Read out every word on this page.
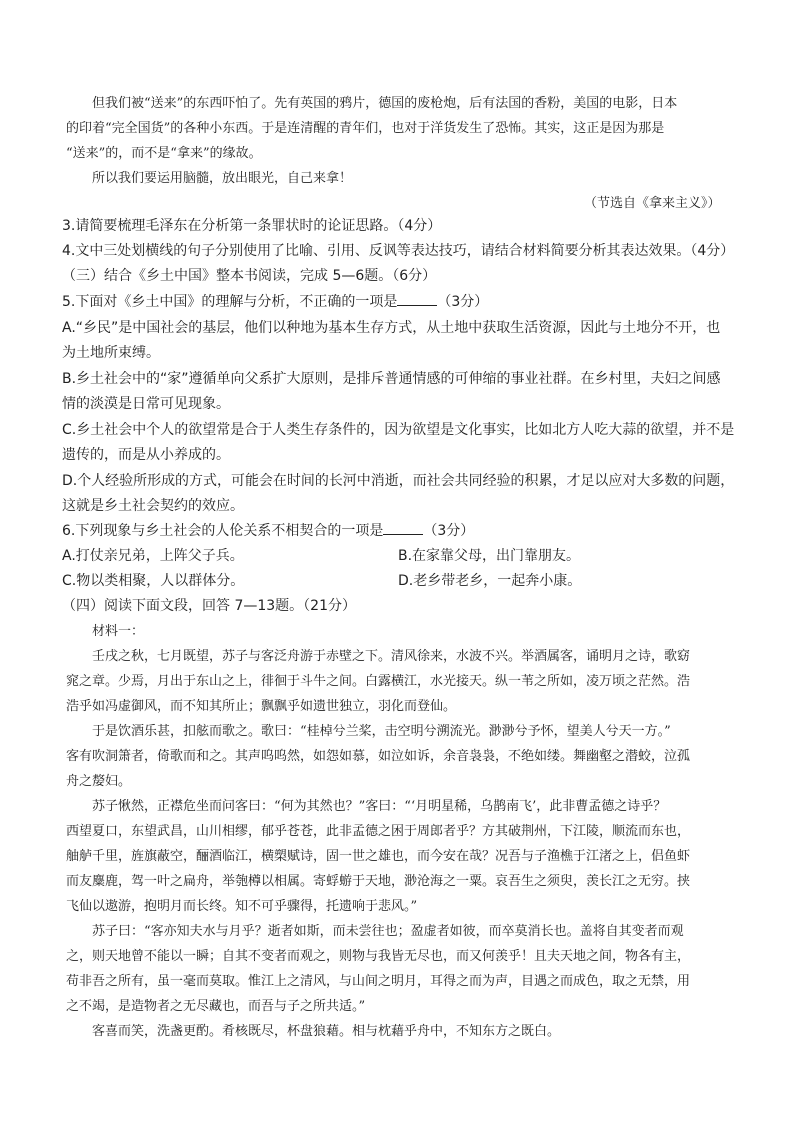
但我们被“送来”的东西吓怕了。先有英国的鸦片，德国的废枪炮，后有法国的香粉，美国的电影，日本
的印着“完全国货”的各种小东西。于是连清醒的青年们，也对于洋货发生了恐怖。其实，这正是因为那是
“送来”的，而不是“拿来”的缘故。
所以我们要运用脑髓，放出眼光，自己来拿！
（节选自《拿来主义》）
3.请简要梳理毛泽东在分析第一条罪状时的论证思路。（4分）
4.文中三处划横线的句子分别使用了比喻、引用、反讽等表达技巧，请结合材料简要分析其表达效果。（4分）
（三）结合《乡土中国》整本书阅读，完成 5—6题。（6分）
5.下面对《乡土中国》的理解与分析，不正确的一项是	（3分）
A.“乡民”是中国社会的基层，他们以种地为基本生存方式，从土地中获取生活资源，因此与土地分不开，也
为土地所束缚。
B.乡土社会中的“家”遵循单向父系扩大原则，是排斥普通情感的可伸缩的事业社群。在乡村里，夫妇之间感
情的淡漠是日常可见现象。
C.乡土社会中个人的欲望常是合于人类生存条件的，因为欲望是文化事实，比如北方人吃大蒜的欲望，并不是
遗传的，而是从小养成的。
D.个人经验所形成的方式，可能会在时间的长河中消逝，而社会共同经验的积累，才足以应对大多数的问题，
这就是乡土社会契约的效应。
6.下列现象与乡土社会的人伦关系不相契合的一项是	（3分）
A.打仗亲兄弟，上阵父子兵。	B.在家靠父母，出门靠朋友。
C.物以类相聚，人以群体分。	D.老乡带老乡，一起奔小康。
（四）阅读下面文段，回答 7—13题。（21分）
材料一：
壬戌之秋，七月既望，苏子与客泛舟游于赤壁之下。清风徐来，水波不兴。举酒属客，诵明月之诗，歌窈
窕之章。少焉，月出于东山之上，徘徊于斗牛之间。白露横江，水光接天。纵一苇之所如，凌万顷之茫然。浩
浩乎如冯虚御风，而不知其所止；飘飘乎如遗世独立，羽化而登仙。
于是饮酒乐甚，扣舷而歌之。歌曰：“桂棹兮兰桨，击空明兮溯流光。渺渺兮予怀，望美人兮天一方。”
客有吹洞箫者，倚歌而和之。其声呜呜然，如怨如慕，如泣如诉，余音袅袅，不绝如缕。舞幽壑之潜蛟，泣孤
舟之嫠妇。
苏子愀然，正襟危坐而问客曰：“何为其然也？”客曰：“‘月明星稀，乌鹊南飞’，此非曹孟德之诗乎？
西望夏口，东望武昌，山川相缪，郁乎苍苍，此非孟德之困于周郎者乎？方其破荆州，下江陵，顺流而东也，
舳舻千里，旌旗蔽空，酾酒临江，横槊赋诗，固一世之雄也，而今安在哉？况吾与子渔樵于江渚之上，侣鱼虾
而友麋鹿，驾一叶之扁舟，举匏樽以相属。寄蜉蝣于天地，渺沧海之一粟。哀吾生之须臾，羡长江之无穷。挟
飞仙以遨游，抱明月而长终。知不可乎骤得，托遗响于悲风。”
苏子曰：“客亦知夫水与月乎？逝者如斯，而未尝往也；盈虚者如彼，而卒莫消长也。盖将自其变者而观
之，则天地曾不能以一瞬；自其不变者而观之，则物与我皆无尽也，而又何羡乎！且夫天地之间，物各有主，
苟非吾之所有，虽一毫而莫取。惟江上之清风，与山间之明月，耳得之而为声，目遇之而成色，取之无禁，用
之不竭，是造物者之无尽藏也，而吾与子之所共适。”
客喜而笑，洗盏更酌。肴核既尽，杯盘狼藉。相与枕藉乎舟中，不知东方之既白。
